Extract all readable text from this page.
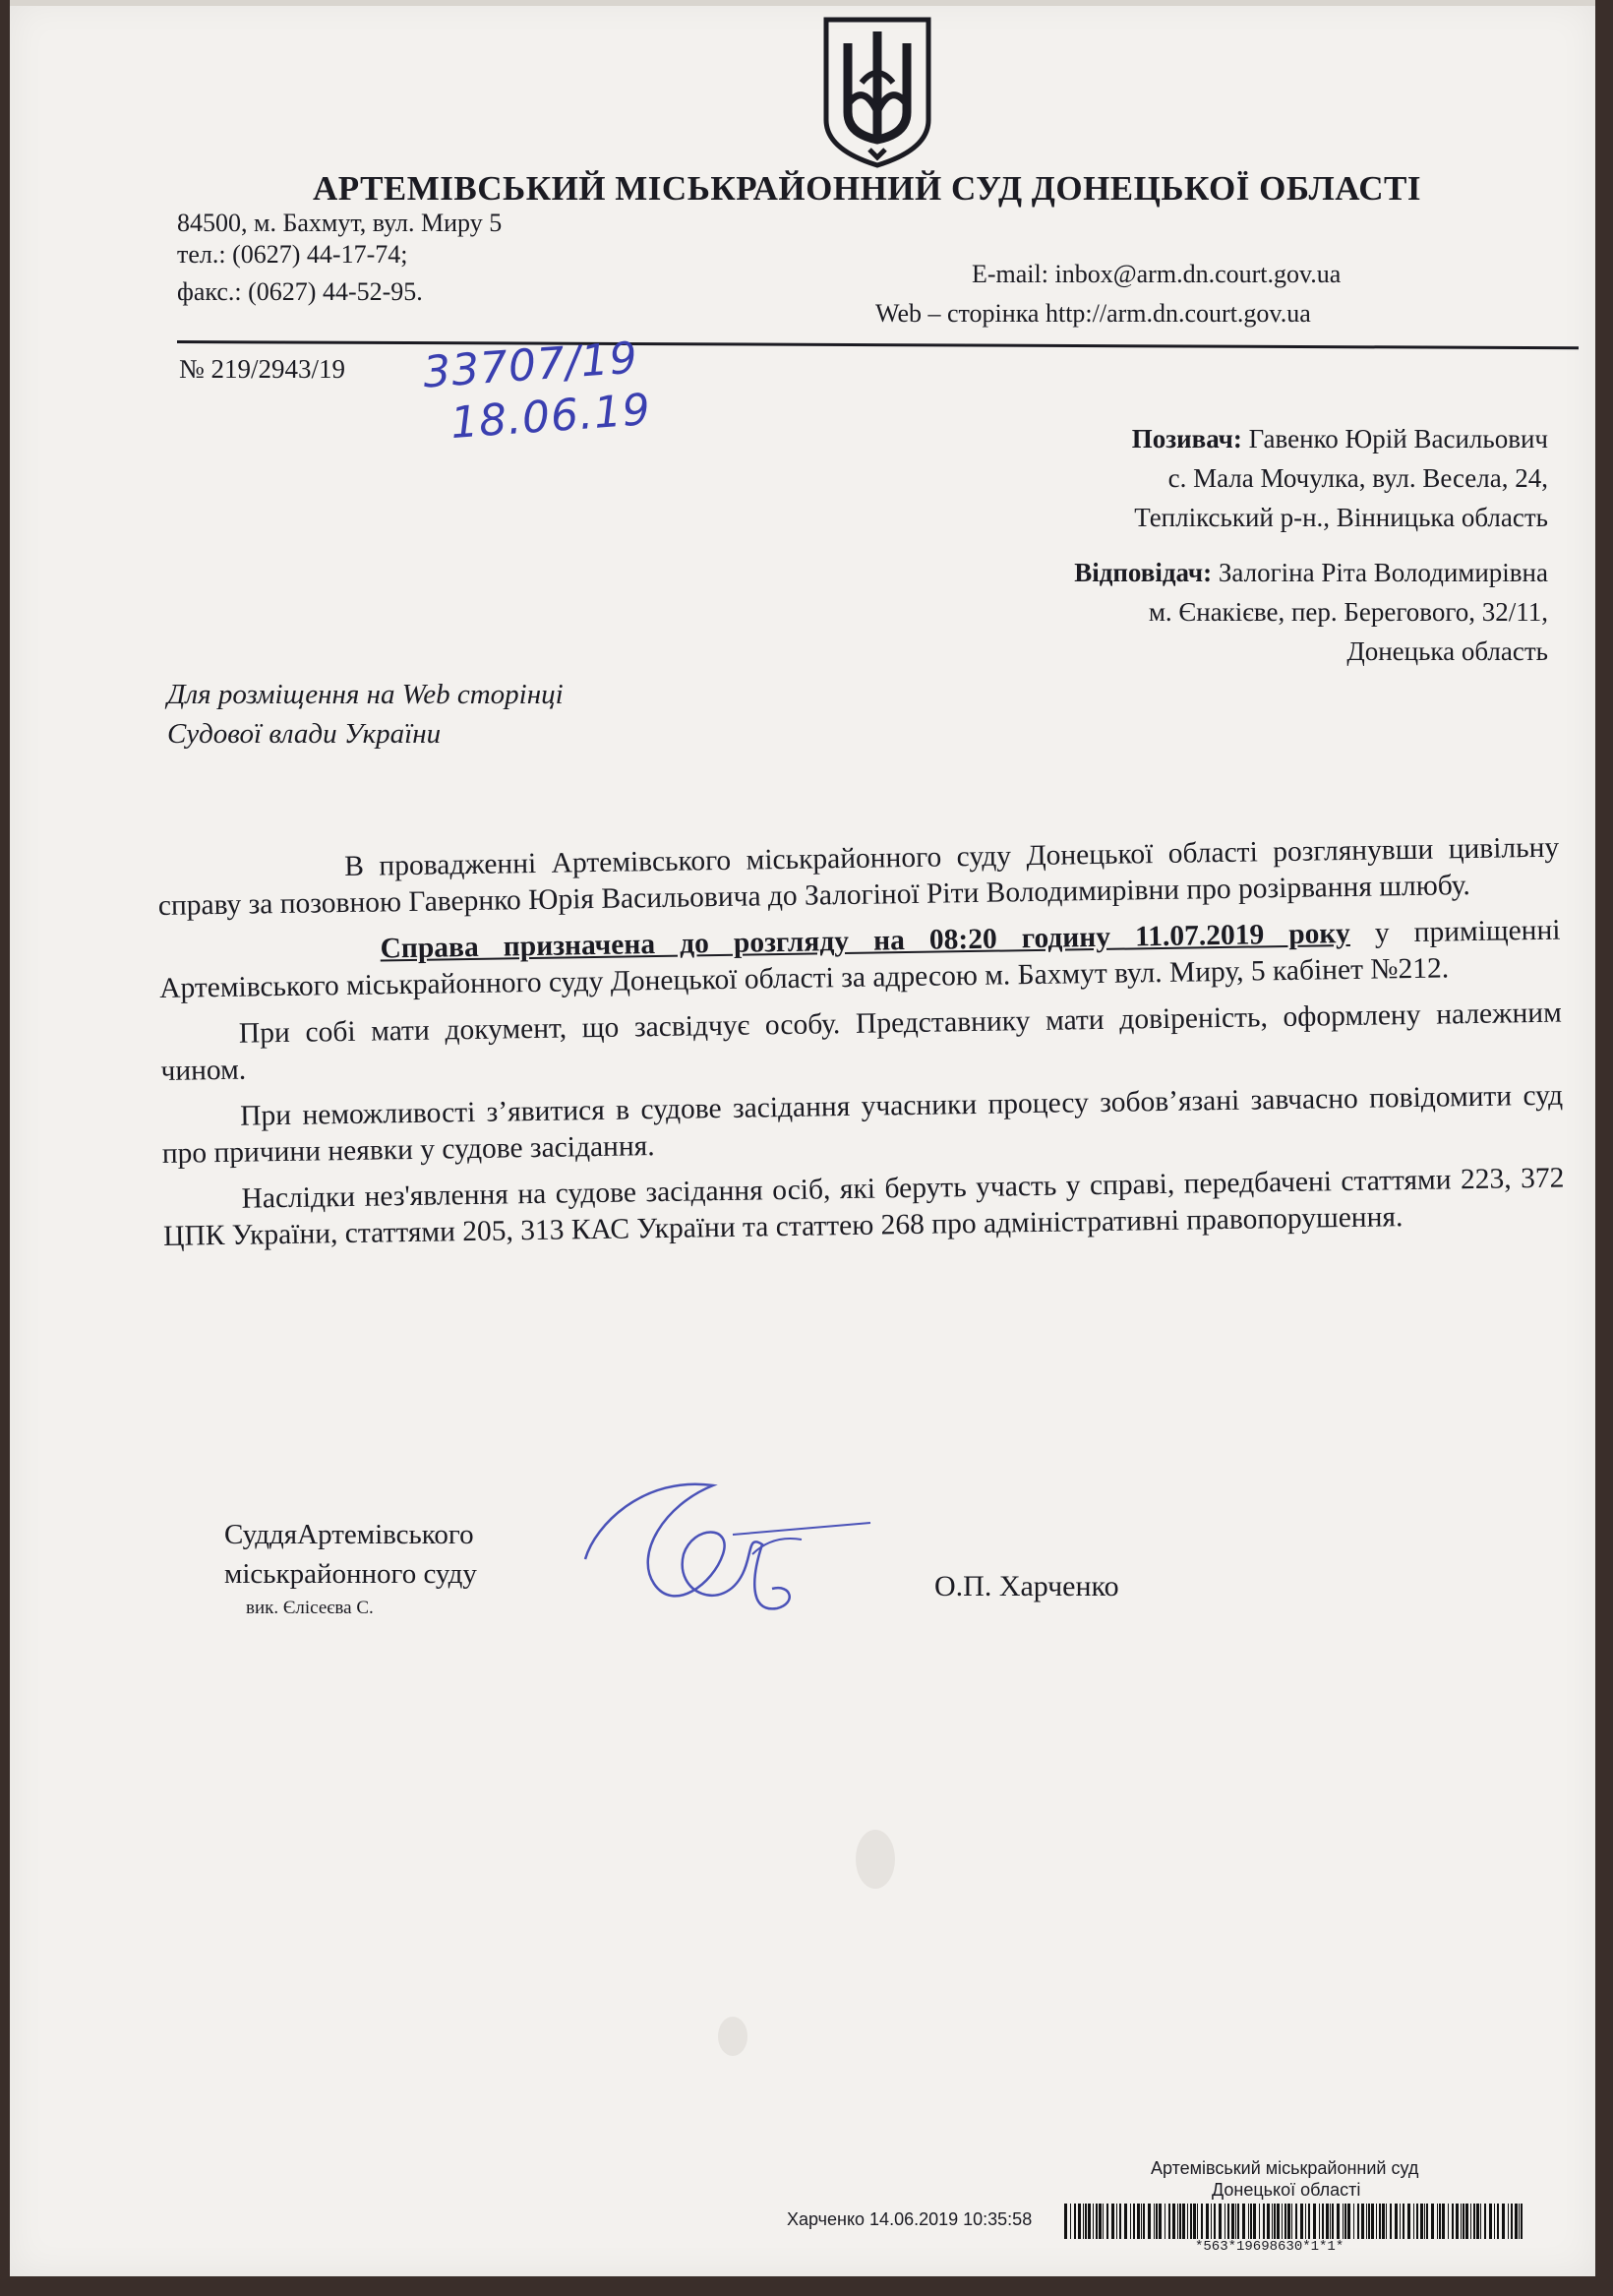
АРТЕМІВСЬКИЙ МІСЬКРАЙОННИЙ СУД ДОНЕЦЬКОЇ ОБЛАСТІ
84500, м. Бахмут, вул. Миру 5
тел.: (0627) 44-17-74;
факс.: (0627) 44-52-95.
E-mail: inbox@arm.dn.court.gov.ua
Web – сторінка http://arm.dn.court.gov.ua
№ 219/2943/19 33707/19
18.06.19	Позивач: Гавенко Юрій Васильович
с. Мала Мочулка, вул. Весела, 24,
Теплікський р-н., Вінницька область
Відповідач: Залогіна Ріта Володимирівна
м. Єнакієве, пер. Берегового, 32/11,
Донецька область
Для розміщення на Web сторінці
Судової влади України

В провадженні Артемівського міськрайонного суду Донецької області розглянувши цивільну справу за позовною Гавернко Юрія Васильовича до Залогіної Ріти Володимирівни про розірвання шлюбу.

Справа призначена до розгляду на 08:20 годину 11.07.2019 року у приміщенні Артемівського міськрайонного суду Донецької області за адресою м. Бахмут вул. Миру, 5 кабінет №212.

При собі мати документ, що засвідчує особу. Представнику мати довіреність, оформлену належним чином.

При неможливості з’явитися в судове засідання учасники процесу зобов’язані завчасно повідомити суд про причини неявки у судове засідання.

Наслідки нез'явлення на судове засідання осіб, які беруть участь у справі, передбачені статтями 223, 372 ЦПК України, статтями 205, 313 КАС України та статтею 268 про адміністративні правопорушення.

СуддяАртемівського
міськрайонного суду
вик. Єлісеєва С.
О.П. Харченко
Артемівський міськрайонний суд
Донецької області
Харченко 14.06.2019 10:35:58
*563*19698630*1*1*
